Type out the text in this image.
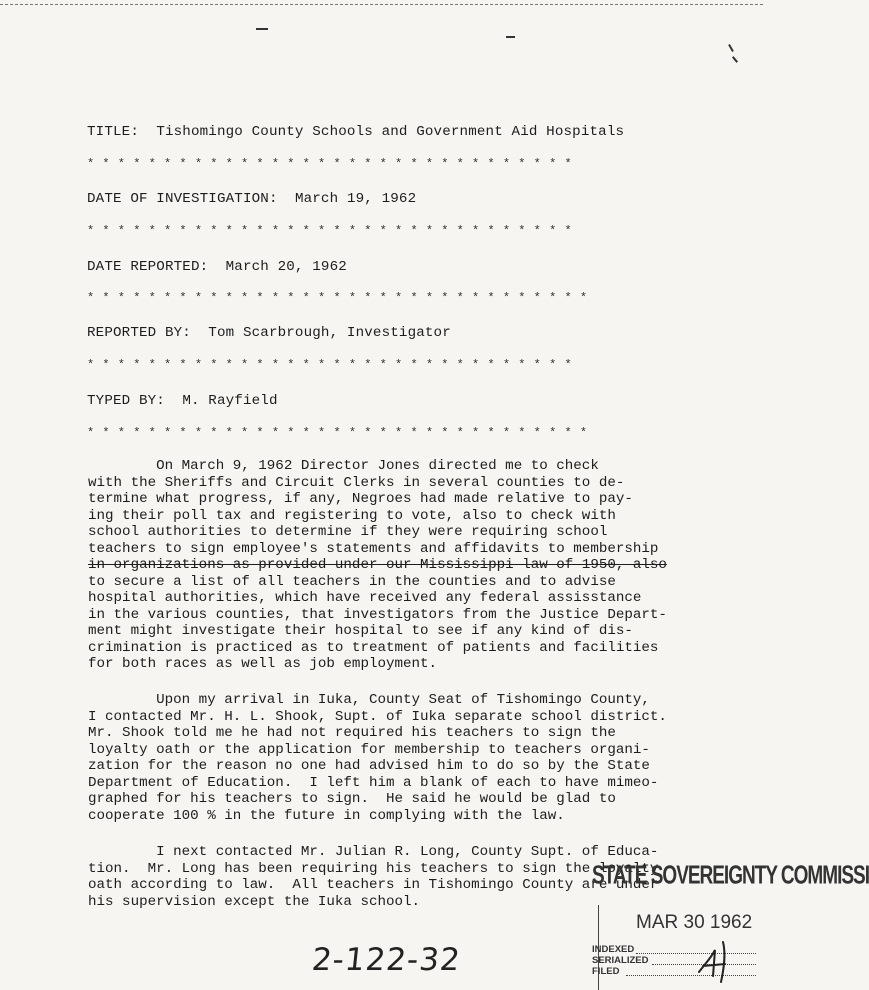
TITLE: Tishomingo County Schools and Government Aid Hospitals
* * * * * * * * * * * * * * * * * * * * * * * * * * * * * * * *
DATE OF INVESTIGATION: March 19, 1962
* * * * * * * * * * * * * * * * * * * * * * * * * * * * * * * *
DATE REPORTED: March 20, 1962
* * * * * * * * * * * * * * * * * * * * * * * * * * * * * * * * *
REPORTED BY: Tom Scarbrough, Investigator
* * * * * * * * * * * * * * * * * * * * * * * * * * * * * * * *
TYPED BY: M. Rayfield
* * * * * * * * * * * * * * * * * * * * * * * * * * * * * * * * *
On March 9, 1962 Director Jones directed me to check
with the Sheriffs and Circuit Clerks in several counties to de-
termine what progress, if any, Negroes had made relative to pay-
ing their poll tax and registering to vote, also to check with
school authorities to determine if they were requiring school
teachers to sign employee's statements and affidavits to membership
in organizations as provided under our Mississippi law of 1950, also
to secure a list of all teachers in the counties and to advise
hospital authorities, which have received any federal assisstance
in the various counties, that investigators from the Justice Depart-
ment might investigate their hospital to see if any kind of dis-
crimination is practiced as to treatment of patients and facilities
for both races as well as job employment.
Upon my arrival in Iuka, County Seat of Tishomingo County,
I contacted Mr. H. L. Shook, Supt. of Iuka separate school district.
Mr. Shook told me he had not required his teachers to sign the
loyalty oath or the application for membership to teachers organi-
zation for the reason no one had advised him to do so by the State
Department of Education.  I left him a blank of each to have mimeo-
graphed for his teachers to sign.  He said he would be glad to
cooperate 100 % in the future in complying with the law.
I next contacted Mr. Julian R. Long, County Supt. of Educa-
tion.  Mr. Long has been requiring his teachers to sign the loyalty
oath according to law.  All teachers in Tishomingo County are under
his supervision except the Iuka school.
2-122-32
STATE SOVEREIGNTY COMMISSI
MAR 30 1962
INDEXED
SERIALIZED
FILED
